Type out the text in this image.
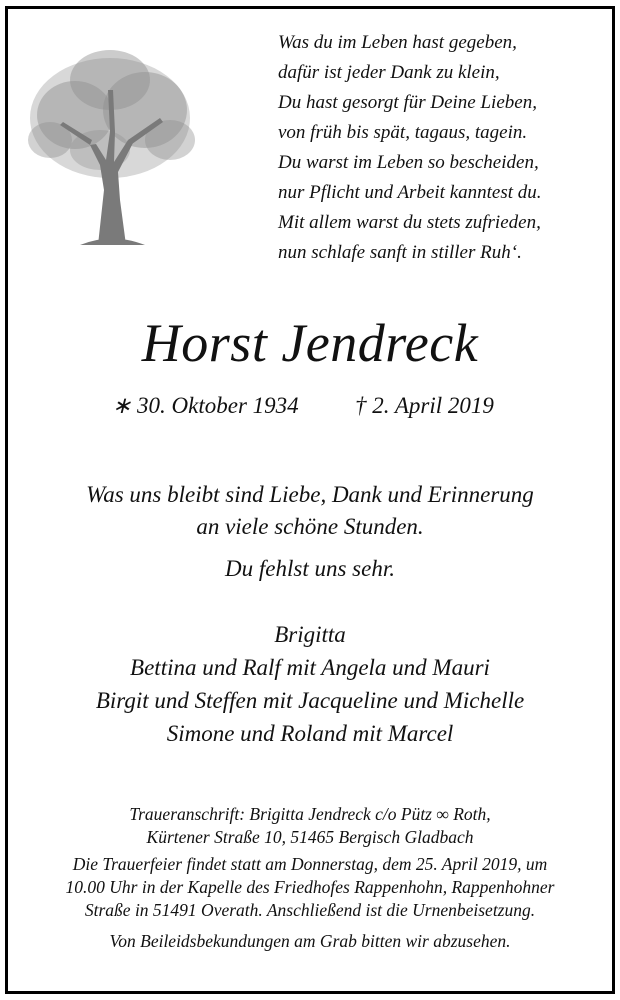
Was du im Leben hast gegeben,
dafür ist jeder Dank zu klein,
Du hast gesorgt für Deine Lieben,
von früh bis spät, tagaus, tagein.
Du warst im Leben so bescheiden,
nur Pflicht und Arbeit kanntest du.
Mit allem warst du stets zufrieden,
nun schlafe sanft in stiller Ruh‘.
Horst Jendreck
∗ 30. Oktober 1934 † 2. April 2019
Was uns bleibt sind Liebe, Dank und Erinnerung
an viele schöne Stunden.
Du fehlst uns sehr.
Brigitta
Bettina und Ralf mit Angela und Mauri
Birgit und Steffen mit Jacqueline und Michelle
Simone und Roland mit Marcel
Traueranschrift: Brigitta Jendreck c/o Pütz ∞ Roth,
Kürtener Straße 10, 51465 Bergisch Gladbach
Die Trauerfeier findet statt am Donnerstag, dem 25. April 2019, um
10.00 Uhr in der Kapelle des Friedhofes Rappenhohn, Rappenhohner
Straße in 51491 Overath. Anschließend ist die Urnenbeisetzung.
Von Beileidsbekundungen am Grab bitten wir abzusehen.
